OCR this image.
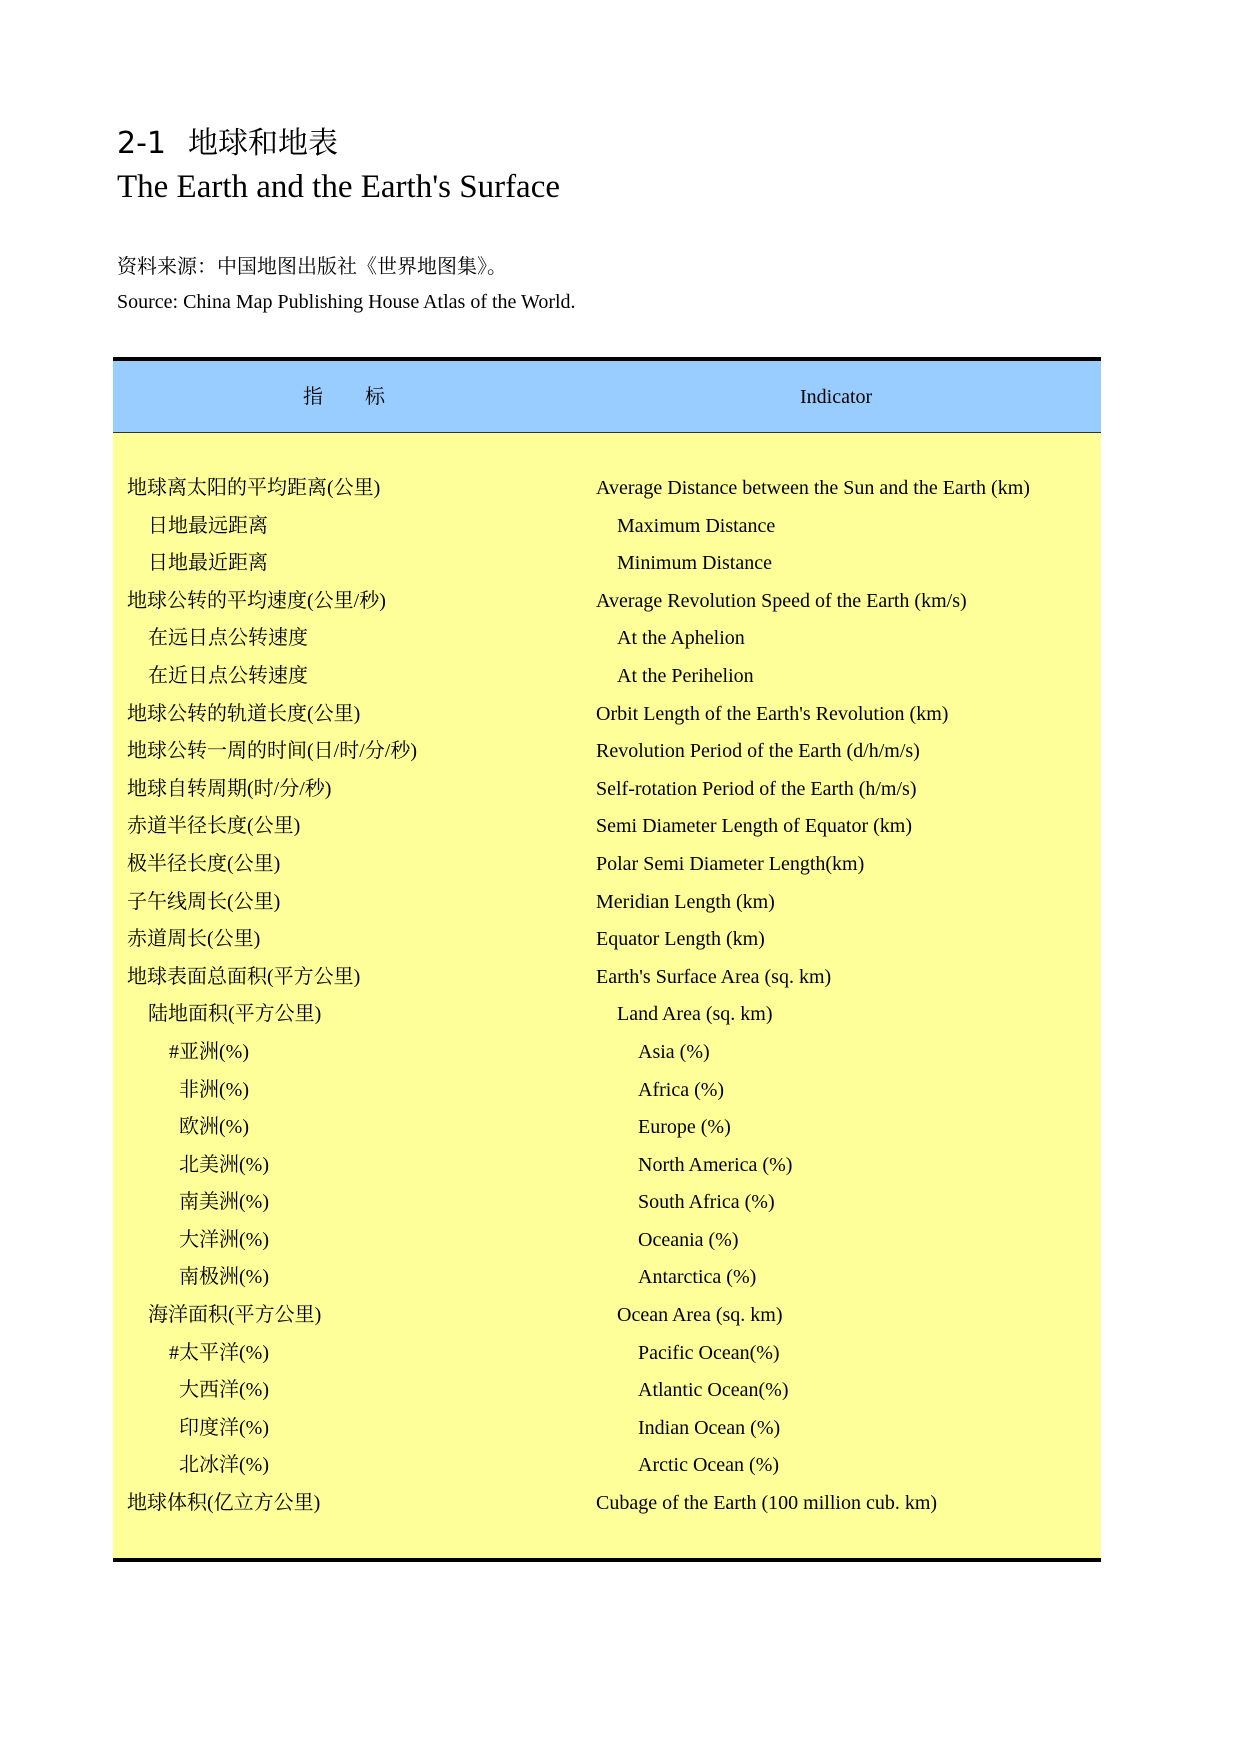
2-1 地球和地表
The Earth and the Earth's Surface
资料来源：中国地图出版社《世界地图集》。
Source: China Map Publishing House Atlas of the World.
指标	Indicator
地球离太阳的平均距离(公里)	Average Distance between the Sun and the Earth (km)
日地最远距离	Maximum Distance
日地最近距离	Minimum Distance
地球公转的平均速度(公里/秒)	Average Revolution Speed of the Earth (km/s)
在远日点公转速度	At the Aphelion
在近日点公转速度	At the Perihelion
地球公转的轨道长度(公里)	Orbit Length of the Earth's Revolution (km)
地球公转一周的时间(日/时/分/秒)	Revolution Period of the Earth (d/h/m/s)
地球自转周期(时/分/秒)	Self-rotation Period of the Earth (h/m/s)
赤道半径长度(公里)	Semi Diameter Length of Equator (km)
极半径长度(公里)	Polar Semi Diameter Length(km)
子午线周长(公里)	Meridian Length (km)
赤道周长(公里)	Equator Length (km)
地球表面总面积(平方公里)	Earth's Surface Area (sq. km)
陆地面积(平方公里)	Land Area (sq. km)
#亚洲(%)	Asia (%)
非洲(%)	Africa (%)
欧洲(%)	Europe (%)
北美洲(%)	North America (%)
南美洲(%)	South Africa (%)
大洋洲(%)	Oceania (%)
南极洲(%)	Antarctica (%)
海洋面积(平方公里)	Ocean Area (sq. km)
#太平洋(%)	Pacific Ocean(%)
大西洋(%)	Atlantic Ocean(%)
印度洋(%)	Indian Ocean (%)
北冰洋(%)	Arctic Ocean (%)
地球体积(亿立方公里)	Cubage of the Earth (100 million cub. km)
